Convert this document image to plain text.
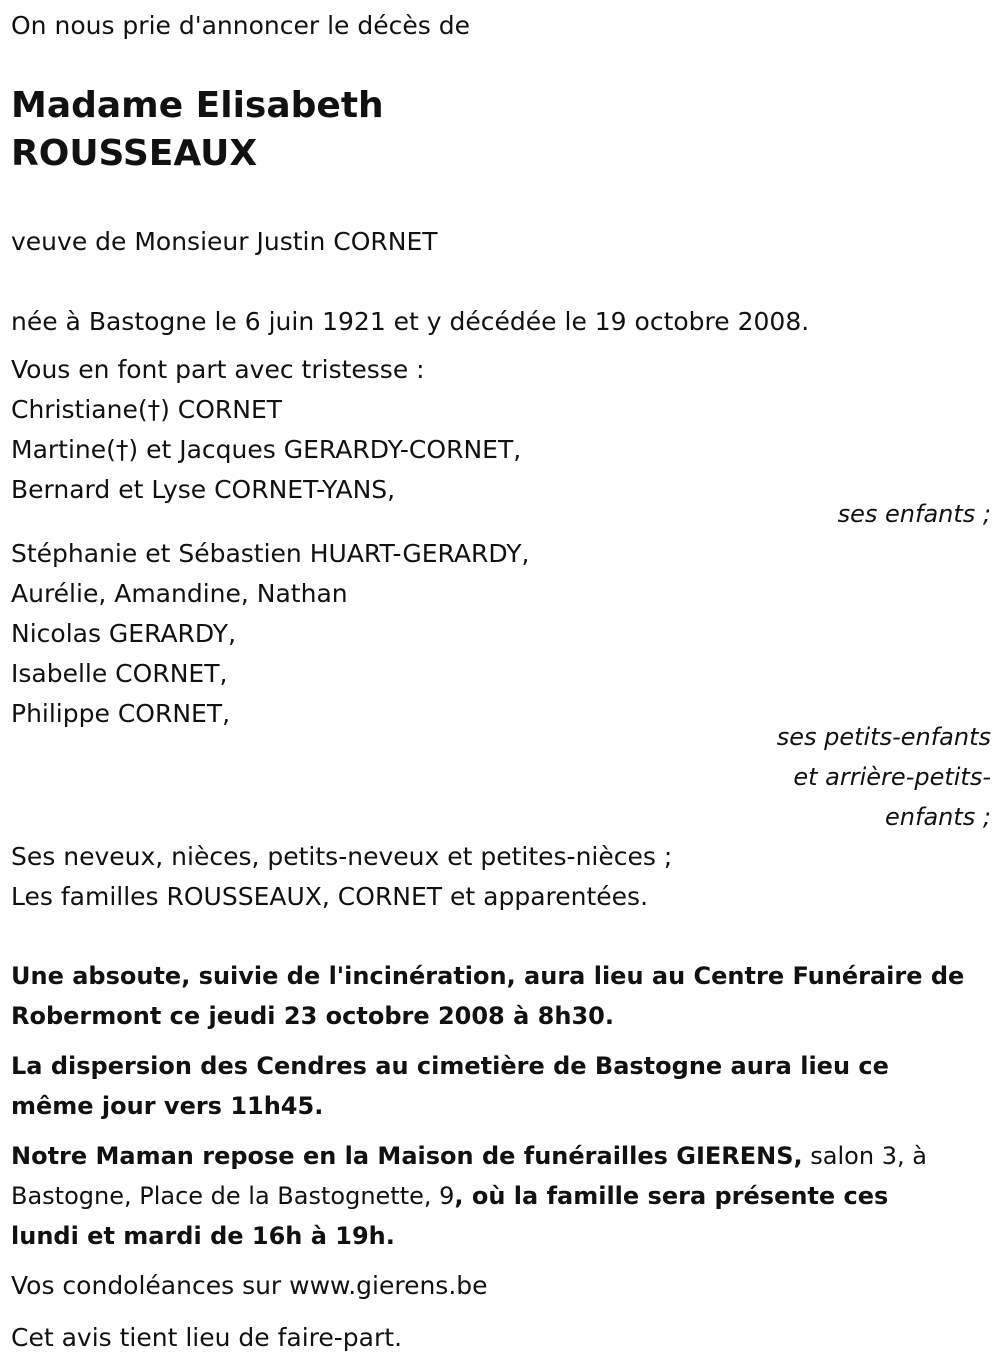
On nous prie d'annoncer le décès de
Madame Elisabeth
ROUSSEAUX
veuve de Monsieur Justin CORNET
née à Bastogne le 6 juin 1921 et y décédée le 19 octobre 2008.
Vous en font part avec tristesse :
Christiane(†) CORNET
Martine(†) et Jacques GERARDY-CORNET,
Bernard et Lyse CORNET-YANS,
ses enfants ;
Stéphanie et Sébastien HUART-GERARDY,
Aurélie, Amandine, Nathan
Nicolas GERARDY,
Isabelle CORNET,
Philippe CORNET,
ses petits-enfants
et arrière-petits-
enfants ;
Ses neveux, nièces, petits-neveux et petites-nièces ;
Les familles ROUSSEAUX, CORNET et apparentées.
Une absoute, suivie de l'incinération, aura lieu au Centre Funéraire de
Robermont ce jeudi 23 octobre 2008 à 8h30.
La dispersion des Cendres au cimetière de Bastogne aura lieu ce
même jour vers 11h45.
Notre Maman repose en la Maison de funérailles GIERENS, salon 3, à
Bastogne, Place de la Bastognette, 9, où la famille sera présente ces
lundi et mardi de 16h à 19h.
Vos condoléances sur www.gierens.be
Cet avis tient lieu de faire-part.
